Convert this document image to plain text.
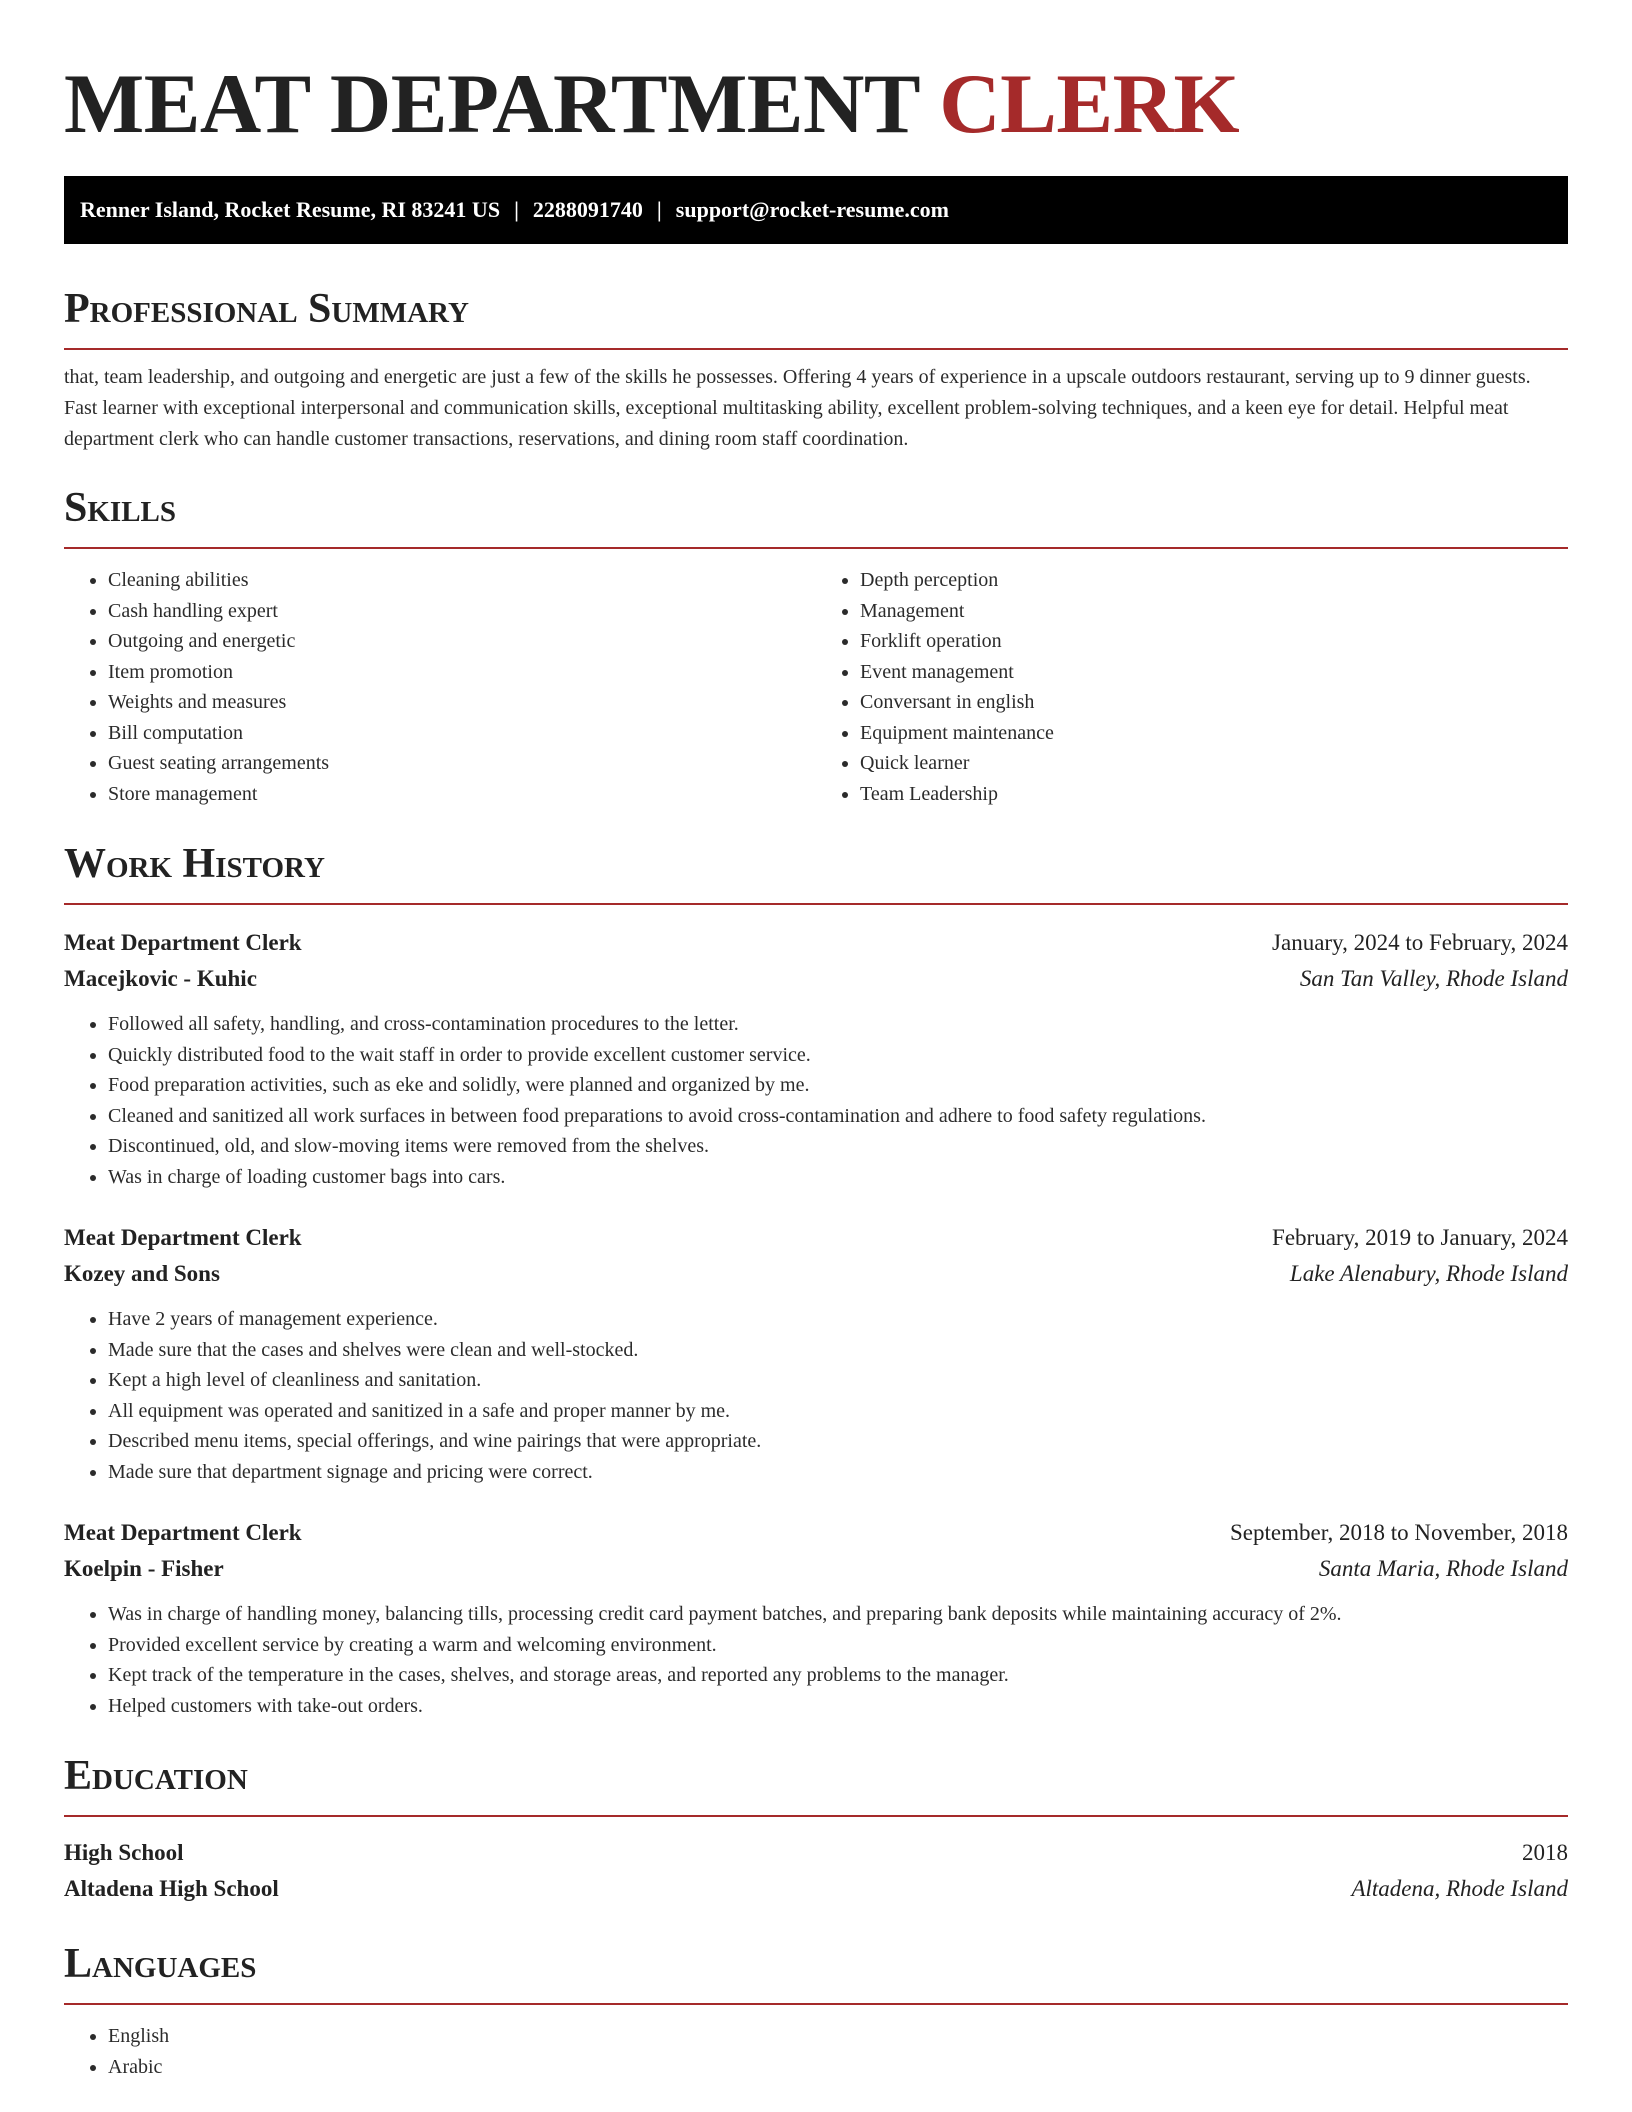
MEAT DEPARTMENT CLERK
Renner Island, Rocket Resume, RI 83241 US | 2288091740 | support@rocket-resume.com
Professional Summary

that, team leadership, and outgoing and energetic are just a few of the skills he possesses. Offering 4 years of experience in a upscale outdoors restaurant, serving up to 9 dinner guests. Fast learner with exceptional interpersonal and communication skills, exceptional multitasking ability, excellent problem-solving techniques, and a keen eye for detail. Helpful meat department clerk who can handle customer transactions, reservations, and dining room staff coordination.

Skills
• Cleaning abilities
• Cash handling expert
• Outgoing and energetic
• Item promotion
• Weights and measures
• Bill computation
• Guest seating arrangements
• Store management
• Depth perception
• Management
• Forklift operation
• Event management
• Conversant in english
• Equipment maintenance
• Quick learner
• Team Leadership
Work History
Meat Department Clerk	January, 2024 to February, 2024
Macejkovic - Kuhic	San Tan Valley, Rhode Island
• Followed all safety, handling, and cross-contamination procedures to the letter.
• Quickly distributed food to the wait staff in order to provide excellent customer service.
• Food preparation activities, such as eke and solidly, were planned and organized by me.
• Cleaned and sanitized all work surfaces in between food preparations to avoid cross-contamination and adhere to food safety regulations.
• Discontinued, old, and slow-moving items were removed from the shelves.
• Was in charge of loading customer bags into cars.
Meat Department Clerk	February, 2019 to January, 2024
Kozey and Sons	Lake Alenabury, Rhode Island
• Have 2 years of management experience.
• Made sure that the cases and shelves were clean and well-stocked.
• Kept a high level of cleanliness and sanitation.
• All equipment was operated and sanitized in a safe and proper manner by me.
• Described menu items, special offerings, and wine pairings that were appropriate.
• Made sure that department signage and pricing were correct.
Meat Department Clerk	September, 2018 to November, 2018
Koelpin - Fisher	Santa Maria, Rhode Island
• Was in charge of handling money, balancing tills, processing credit card payment batches, and preparing bank deposits while maintaining accuracy of 2%.
• Provided excellent service by creating a warm and welcoming environment.
• Kept track of the temperature in the cases, shelves, and storage areas, and reported any problems to the manager.
• Helped customers with take-out orders.
Education
High School	2018
Altadena High School	Altadena, Rhode Island
Languages
• English
• Arabic
